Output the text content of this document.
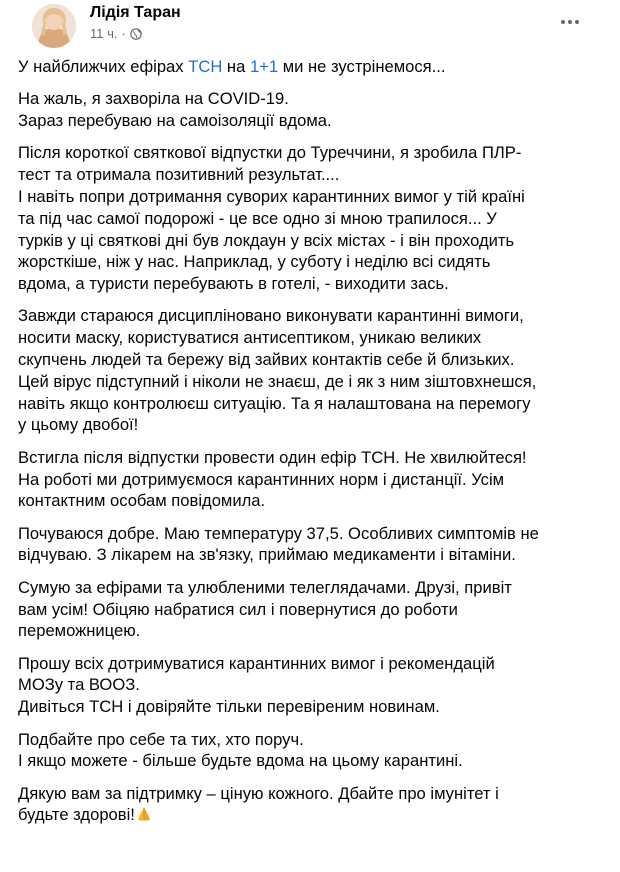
Лідія Таран
11 ч. ·

У найближчих ефірах ТСН на 1+1 ми не зустрінемося...

На жаль, я захворіла на COVID-19.
Зараз перебуваю на самоізоляції вдома.

Після короткої святкової відпустки до Туреччини, я зробила ПЛР-
тест та отримала позитивний результат....
І навіть попри дотримання суворих карантинних вимог у тій країні
та під час самої подорожі - це все одно зі мною трапилося... У
турків у ці святкові дні був локдаун у всіх містах - і він проходить
жорсткіше, ніж у нас. Наприклад, у суботу і неділю всі сидять
вдома, а туристи перебувають в готелі, - виходити зась.

Завжди стараюся дисципліновано виконувати карантинні вимоги,
носити маску, користуватися антисептиком, уникаю великих
скупчень людей та бережу від зайвих контактів себе й близьких.
Цей вірус підступний і ніколи не знаєш, де і як з ним зіштовхнешся,
навіть якщо контролюєш ситуацію. Та я налаштована на перемогу
у цьому двобої!

Встигла після відпустки провести один ефір ТСН. Не хвилюйтеся!
На роботі ми дотримуємося карантинних норм і дистанції. Усім
контактним особам повідомила.

Почуваюся добре. Маю температуру 37,5. Особливих симптомів не
відчуваю. З лікарем на зв'язку, приймаю медикаменти і вітаміни.

Сумую за ефірами та улюбленими телеглядачами. Друзі, привіт
вам усім! Обіцяю набратися сил і повернутися до роботи
переможницею.

Прошу всіх дотримуватися карантинних вимог і рекомендацій
МОЗу та ВООЗ.
Дивіться ТСН і довіряйте тільки перевіреним новинам.

Подбайте про себе та тих, хто поруч.
І якщо можете - більше будьте вдома на цьому карантині.

Дякую вам за підтримку – ціную кожного. Дбайте про імунітет і
будьте здорові!
